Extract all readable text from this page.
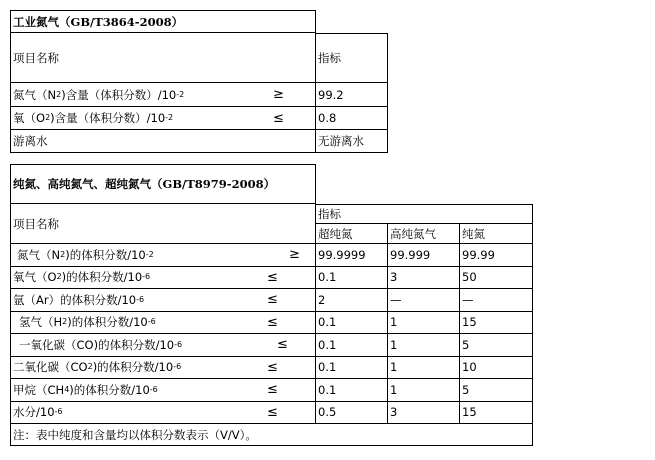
工业氮气（GB/T3864-2008）
项目名称	指标
氮气（N 2 )含量（体积分数）/10 -2	≥	99.2
氧（O 2 )含量（体积分数）/10 -2	≤	0.8
游离水	无游离水
纯氮、高纯氮气、超纯氮气（GB/T8979-2008）
项目名称
指标
超纯氮	高纯氮气	纯氮
氮气（N 2 )的体积分数/10 -2	≥ 99.9999	99.999	99.99
氧气（O 2 )的体积分数/10 -6	≤	0.1	3	50
氩（Ar）的体积分数/10 -6	≤	2	—	—
氢气（H 2 )的体积分数/10 -6	≤	0.1	1	15
一氧化碳（CO)的体积分数/10 -6	≤	0.1	1	5
二氧化碳（CO 2 )的体积分数/10 -6	≤	0.1	1	10
甲烷（CH 4 )的体积分数/10 -6	≤	0.1	1	5
水分/10 -6	≤	0.5	3	15
注：表中纯度和含量均以体积分数表示（V/V）。
